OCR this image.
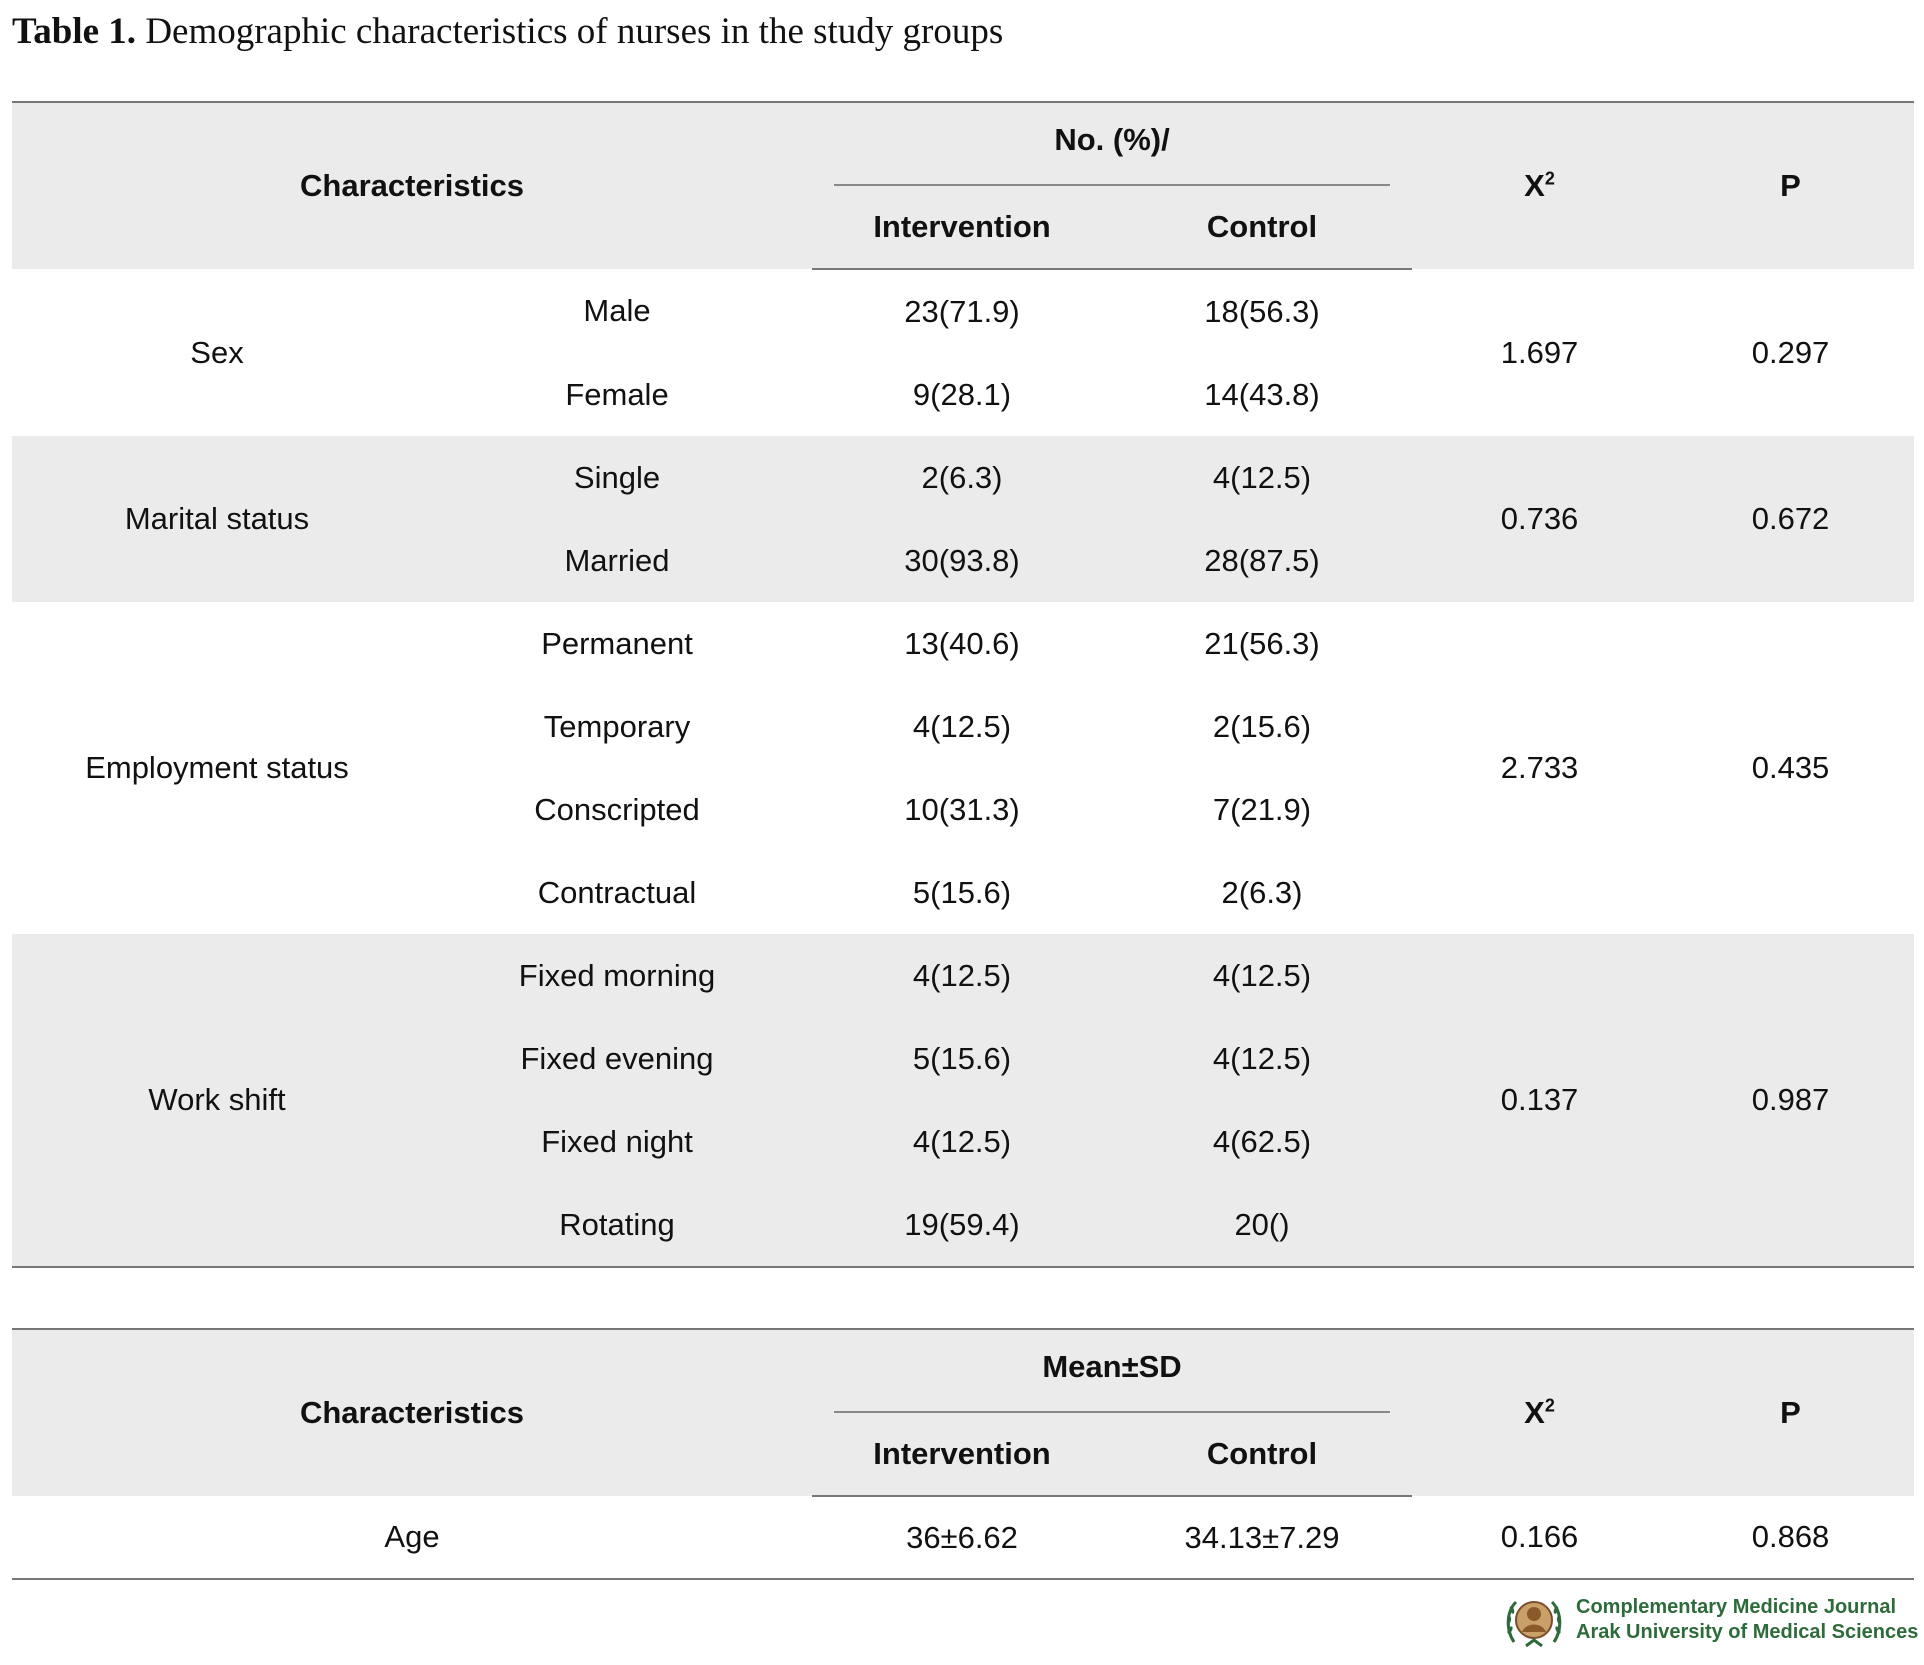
Table 1. Demographic characteristics of nurses in the study groups
Characteristics		No. (%)/		$X^2$	P
		Intervention	Control		
Sex	Male	23(71.9)	18(56.3)	1.697	0.297
	Female	9(28.1)	14(43.8)		
Marital status	Single	2(6.3)	4(12.5)	0.736	0.672
	Married	30(93.8)	28(87.5)		
Employment status	Permanent	13(40.6)	21(56.3)	2.733	0.435
	Temporary	4(12.5)	2(15.6)		
	Conscripted	10(31.3)	7(21.9)		
	Contractual	5(15.6)	2(6.3)		
Work shift	Fixed morning	4(12.5)	4(12.5)	0.137	0.987
	Fixed evening	5(15.6)	4(12.5)		
	Fixed night	4(12.5)	4(62.5)		
	Rotating	19(59.4)	20()		
Characteristics	Mean±SD		$X^2$	P
	Intervention	Control		
Age	36±6.62	34.13±7.29	0.166	0.868
Complementary Medicine Journal
Arak University of Medical Sciences
